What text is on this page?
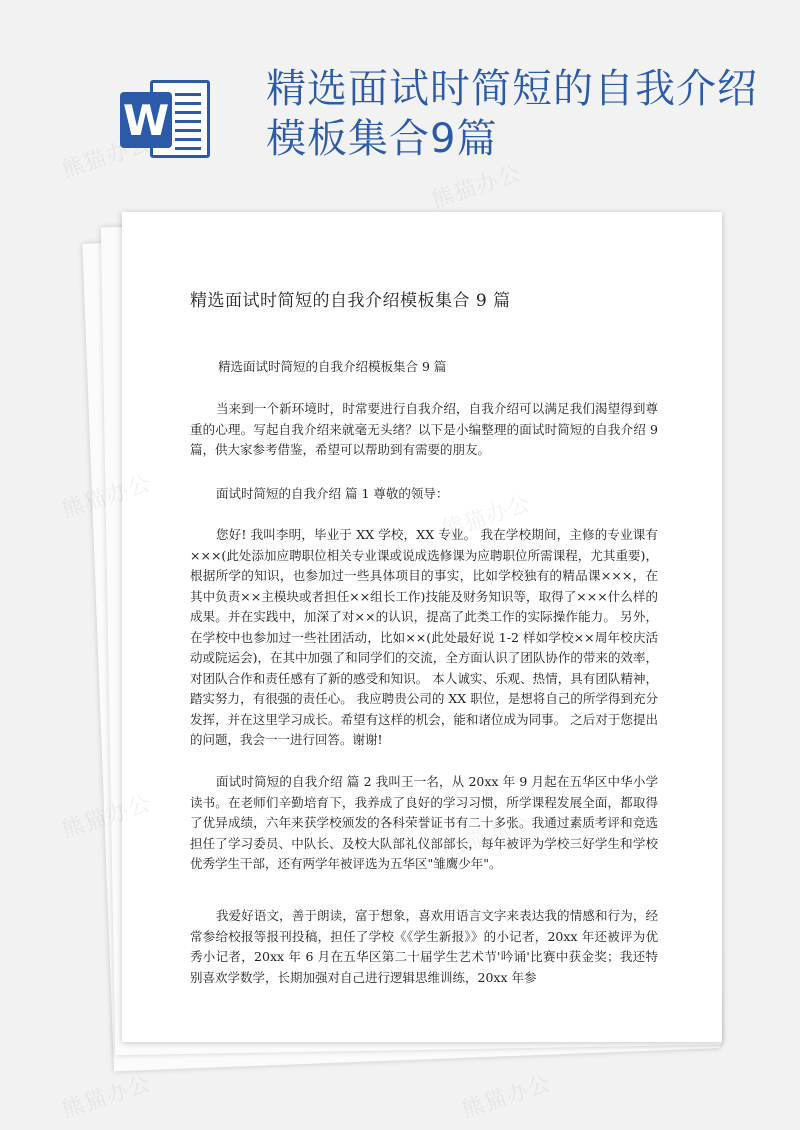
W
精选面试时简短的自我介绍模板集合9篇
精选面试时简短的自我介绍模板集合 9 篇
精选面试时简短的自我介绍模板集合 9 篇
当来到一个新环境时，时常要进行自我介绍，自我介绍可以满足我们渴望得到尊重的心理。写起自我介绍来就毫无头绪？以下是小编整理的面试时简短的自我介绍 9 篇，供大家参考借鉴，希望可以帮助到有需要的朋友。
面试时简短的自我介绍 篇 1 尊敬的领导：
您好! 我叫李明，毕业于 XX 学校，XX 专业。 我在学校期间，主修的专业课有×××(此处添加应聘职位相关专业课或说成选修课为应聘职位所需课程，尤其重要)，根据所学的知识，也参加过一些具体项目的事实，比如学校独有的精品课×××，在其中负责××主模块或者担任××组长工作)技能及财务知识等，取得了×××什么样的成果。并在实践中，加深了对××的认识，提高了此类工作的实际操作能力。 另外，在学校中也参加过一些社团活动，比如××(此处最好说 1-2 样如学校××周年校庆活动或院运会)，在其中加强了和同学们的交流，全方面认识了团队协作的带来的效率，对团队合作和责任感有了新的感受和知识。 本人诚实、乐观、热情，具有团队精神，踏实努力，有很强的责任心。 我应聘贵公司的 XX 职位，是想将自己的所学得到充分发挥，并在这里学习成长。希望有这样的机会，能和诸位成为同事。 之后对于您提出的问题，我会一一进行回答。谢谢!
面试时简短的自我介绍 篇 2 我叫王一名，从 20xx 年 9 月起在五华区中华小学读书。在老师们辛勤培育下，我养成了良好的学习习惯，所学课程发展全面，都取得了优异成绩，六年来获学校颁发的各科荣誉证书有二十多张。我通过素质考评和竞选担任了学习委员、中队长、及校大队部礼仪部部长，每年被评为学校三好学生和学校优秀学生干部，还有两学年被评选为五华区"雏鹰少年"。
我爱好语文，善于朗读，富于想象，喜欢用语言文字来表达我的情感和行为，经常参给校报等报刊投稿，担任了学校《《学生新报》》的小记者，20xx 年还被评为优秀小记者，20xx 年 6 月在五华区第二十届学生艺术节'吟诵'比赛中获金奖；我还特别喜欢学数学，长期加强对自己进行逻辑思维训练，20xx 年参
熊猫办公
熊猫办公
熊猫办公	熊猫办公
